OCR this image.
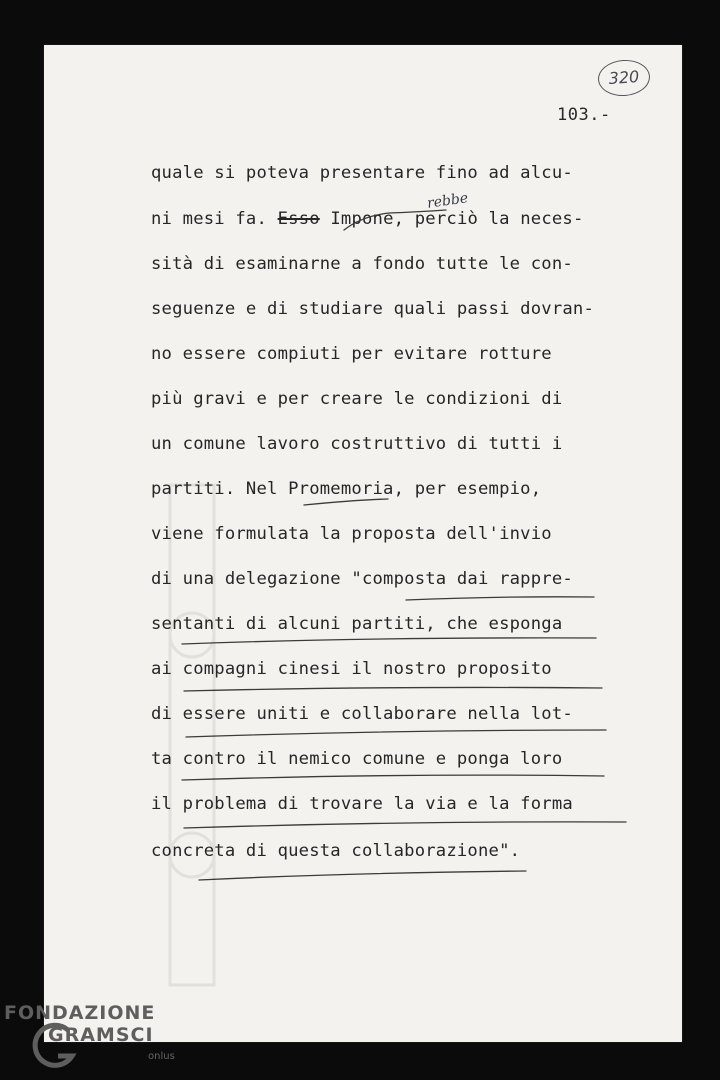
320
103.-
quale si poteva presentare fino ad alcu-
ni mesi fa. Esso Impone, perciò la neces-
rebbe
sità di esaminarne a fondo tutte le con-
seguenze e di studiare quali passi dovran-
no essere compiuti per evitare rotture
più gravi e per creare le condizioni di
un comune lavoro costruttivo di tutti i
partiti. Nel Promemoria, per esempio,
viene formulata la proposta dell'invio
di una delegazione "composta dai rappre-
sentanti di alcuni partiti, che esponga
ai compagni cinesi il nostro proposito
di essere uniti e collaborare nella lot-
ta contro il nemico comune e ponga loro
il problema di trovare la via e la forma
concreta di questa collaborazione".
FONDAZIONE
GRAMSCI
onlus
